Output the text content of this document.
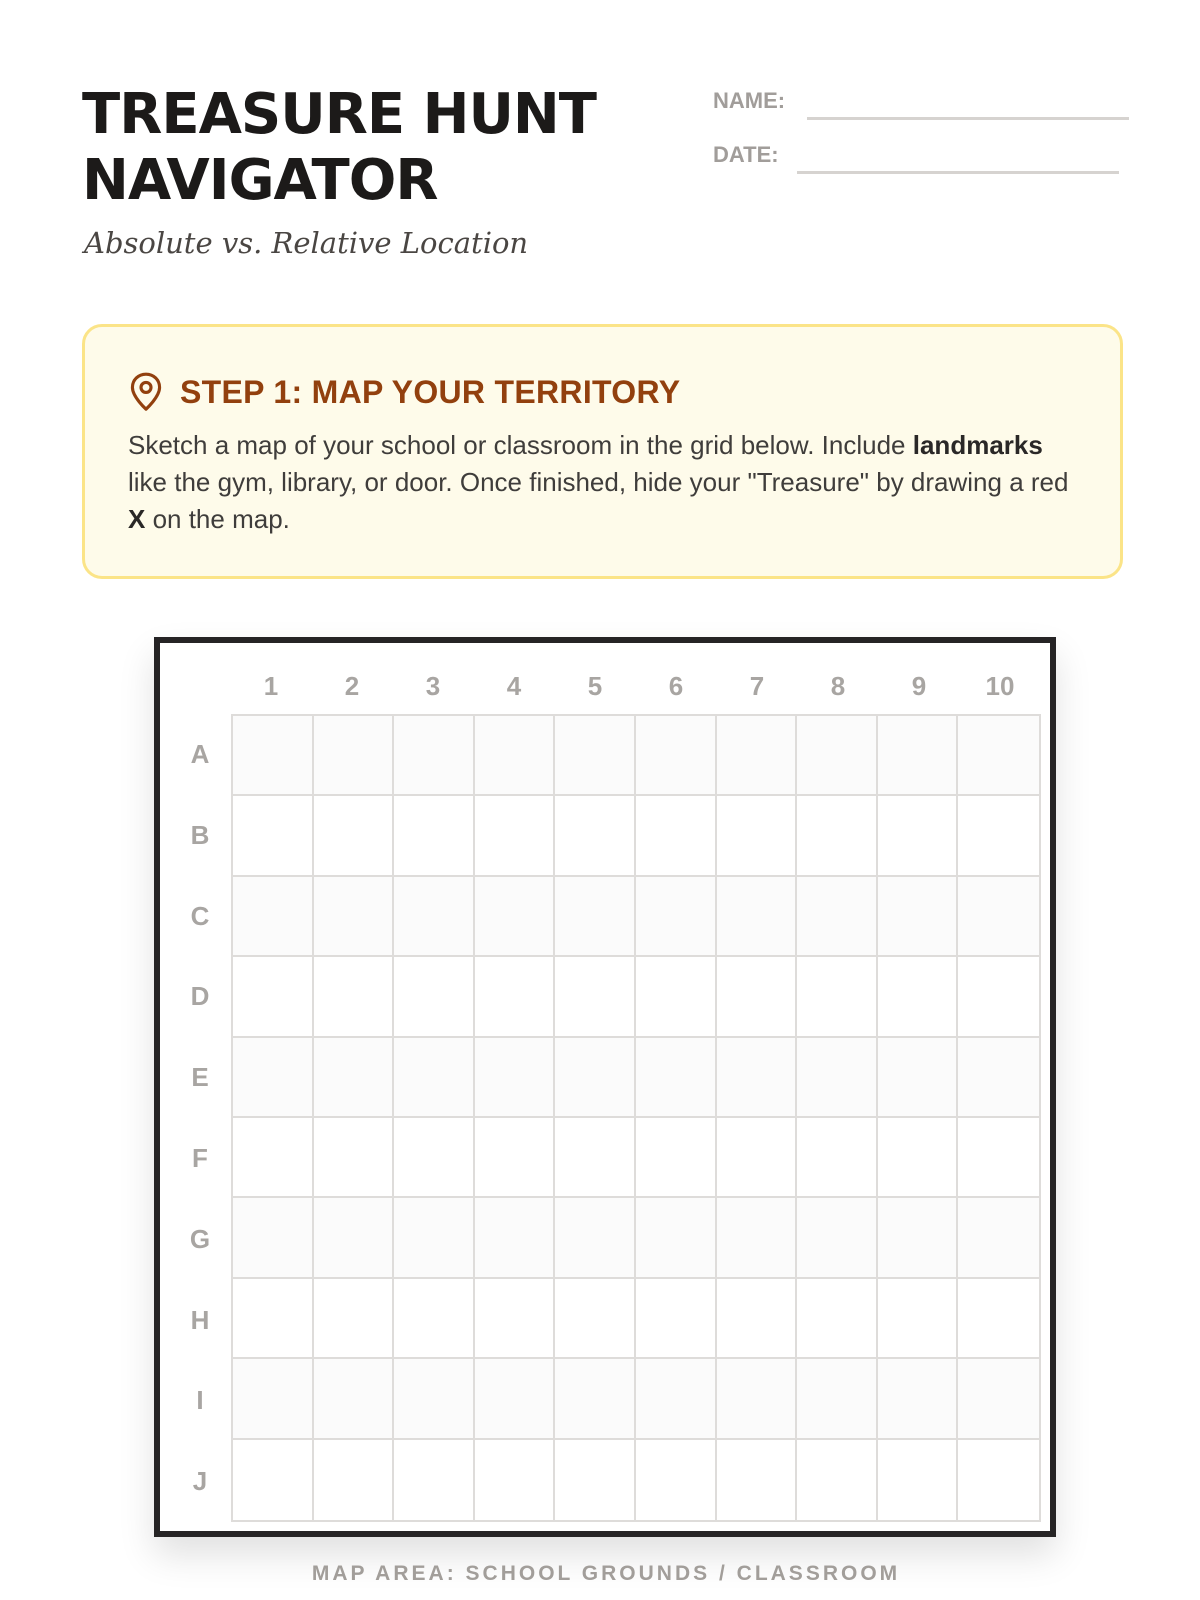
TREASURE HUNT
NAVIGATOR
Absolute vs. Relative Location
NAME:
DATE:
STEP 1: MAP YOUR TERRITORY
Sketch a map of your school or classroom in the grid below. Include landmarks like the gym, library, or door. Once finished, hide your "Treasure" by drawing a red X on the map.
1	2	3	4	5	6	7	8	9	10
A
B
C
D
E
F
G
H
I
J
MAP AREA: SCHOOL GROUNDS / CLASSROOM
